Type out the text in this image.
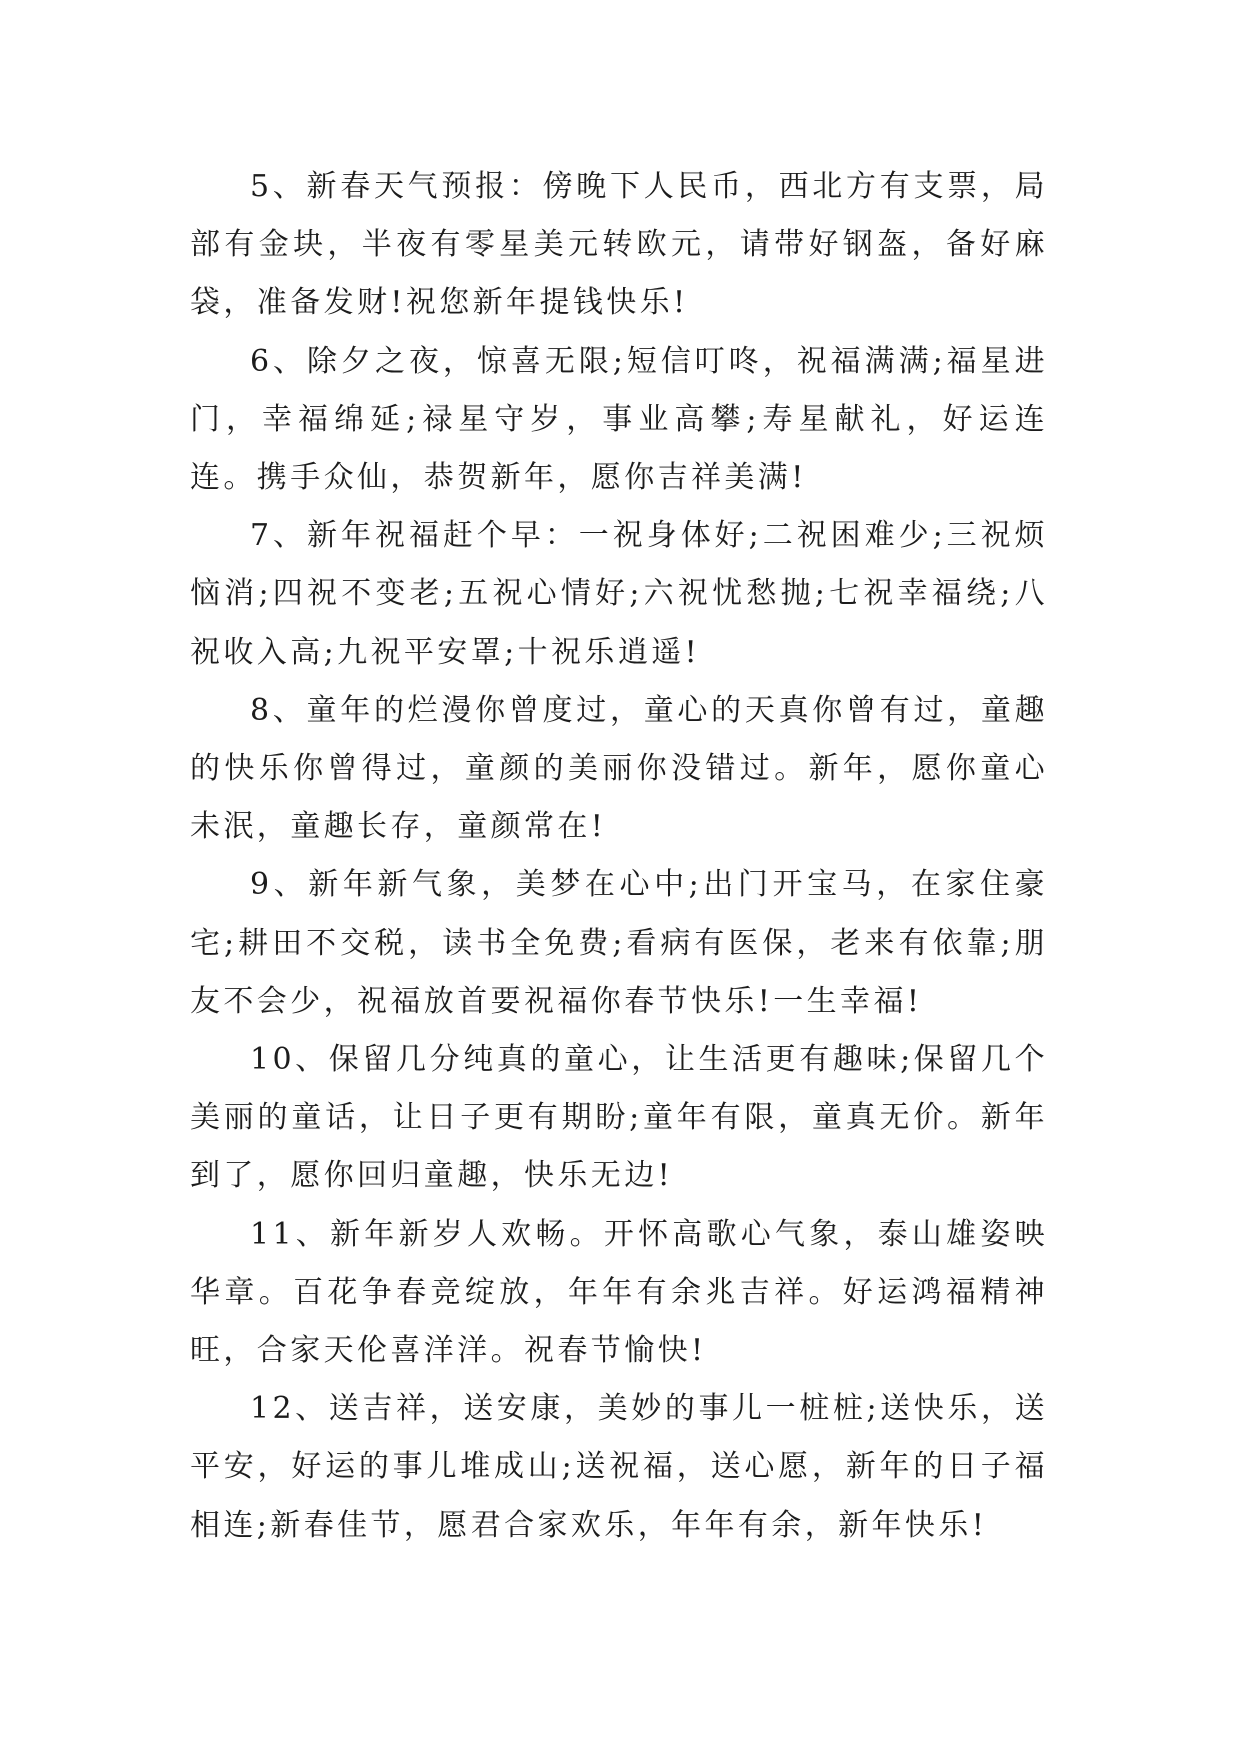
5、新春天气预报：傍晚下人民币，西北方有支票，局部有金块，半夜有零星美元转欧元，请带好钢盔，备好麻袋，准备发财!祝您新年提钱快乐!

6、除夕之夜，惊喜无限;短信叮咚，祝福满满;福星进门，幸福绵延;禄星守岁，事业高攀;寿星献礼，好运连连。携手众仙，恭贺新年，愿你吉祥美满!

7、新年祝福赶个早：一祝身体好;二祝困难少;三祝烦恼消;四祝不变老;五祝心情好;六祝忧愁抛;七祝幸福绕;八祝收入高;九祝平安罩;十祝乐逍遥!

8、童年的烂漫你曾度过，童心的天真你曾有过，童趣的快乐你曾得过，童颜的美丽你没错过。新年，愿你童心未泯，童趣长存，童颜常在!

9、新年新气象，美梦在心中;出门开宝马，在家住豪宅;耕田不交税，读书全免费;看病有医保，老来有依靠;朋友不会少，祝福放首要祝福你春节快乐!一生幸福!

10、保留几分纯真的童心，让生活更有趣味;保留几个美丽的童话，让日子更有期盼;童年有限，童真无价。新年到了，愿你回归童趣，快乐无边!

11、新年新岁人欢畅。开怀高歌心气象，泰山雄姿映华章。百花争春竞绽放，年年有余兆吉祥。好运鸿福精神旺，合家天伦喜洋洋。祝春节愉快!

12、送吉祥，送安康，美妙的事儿一桩桩;送快乐，送平安，好运的事儿堆成山;送祝福，送心愿，新年的日子福相连;新春佳节，愿君合家欢乐，年年有余，新年快乐!
